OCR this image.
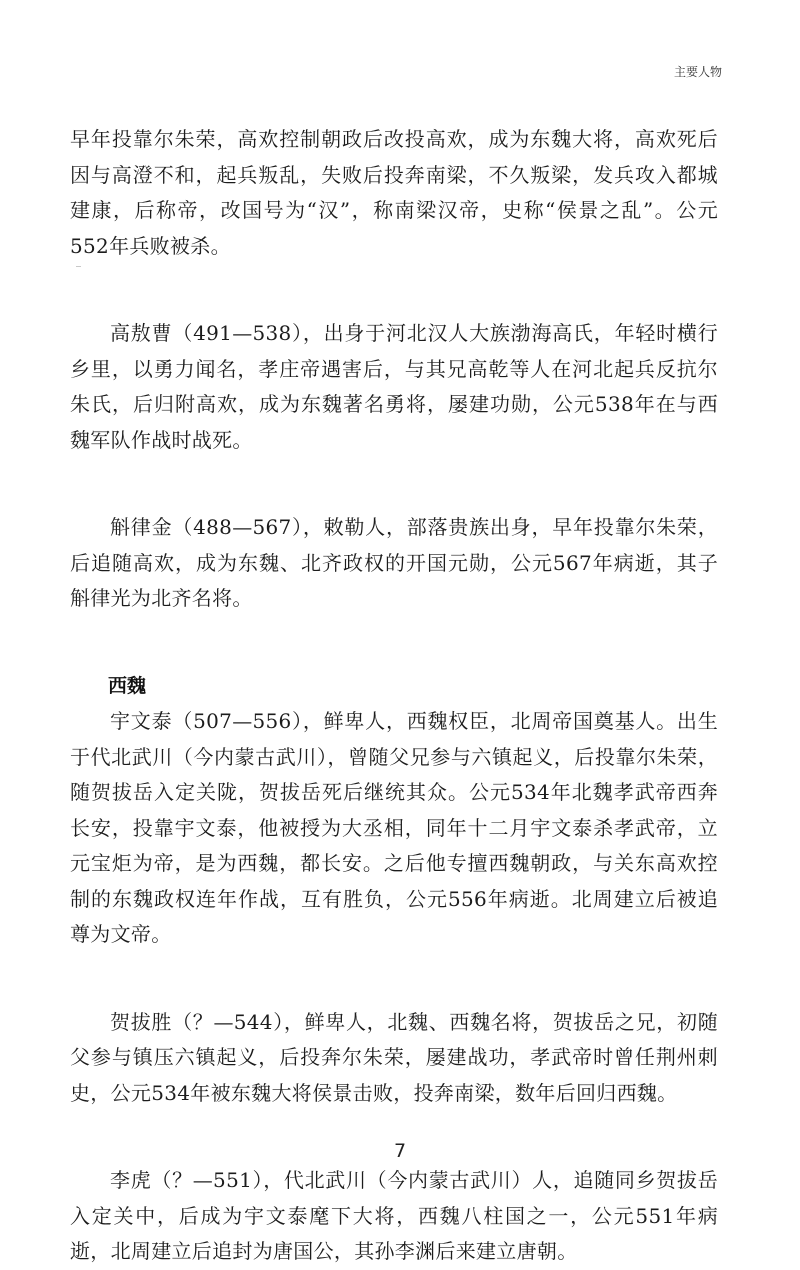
主要人物

早年投靠尔朱荣，高欢控制朝政后改投高欢，成为东魏大将，高欢死后因与高澄不和，起兵叛乱，失败后投奔南梁，不久叛梁，发兵攻入都城建康，后称帝，改国号为“汉”，称南梁汉帝，史称“侯景之乱”。公元552年兵败被杀。

高敖曹（491—538），出身于河北汉人大族渤海高氏，年轻时横行乡里，以勇力闻名，孝庄帝遇害后，与其兄高乾等人在河北起兵反抗尔朱氏，后归附高欢，成为东魏著名勇将，屡建功勋，公元538年在与西魏军队作战时战死。

斛律金（488—567），敕勒人，部落贵族出身，早年投靠尔朱荣，后追随高欢，成为东魏、北齐政权的开国元勋，公元567年病逝，其子斛律光为北齐名将。

西魏

宇文泰（507—556），鲜卑人，西魏权臣，北周帝国奠基人。出生于代北武川（今内蒙古武川），曾随父兄参与六镇起义，后投靠尔朱荣，随贺拔岳入定关陇，贺拔岳死后继统其众。公元534年北魏孝武帝西奔长安，投靠宇文泰，他被授为大丞相，同年十二月宇文泰杀孝武帝，立元宝炬为帝，是为西魏，都长安。之后他专擅西魏朝政，与关东高欢控制的东魏政权连年作战，互有胜负，公元556年病逝。北周建立后被追尊为文帝。

贺拔胜（？—544），鲜卑人，北魏、西魏名将，贺拔岳之兄，初随父参与镇压六镇起义，后投奔尔朱荣，屡建战功，孝武帝时曾任荆州刺史，公元534年被东魏大将侯景击败，投奔南梁，数年后回归西魏。

李虎（？—551），代北武川（今内蒙古武川）人，追随同乡贺拔岳入定关中，后成为宇文泰麾下大将，西魏八柱国之一，公元551年病逝，北周建立后追封为唐国公，其孙李渊后来建立唐朝。

7
